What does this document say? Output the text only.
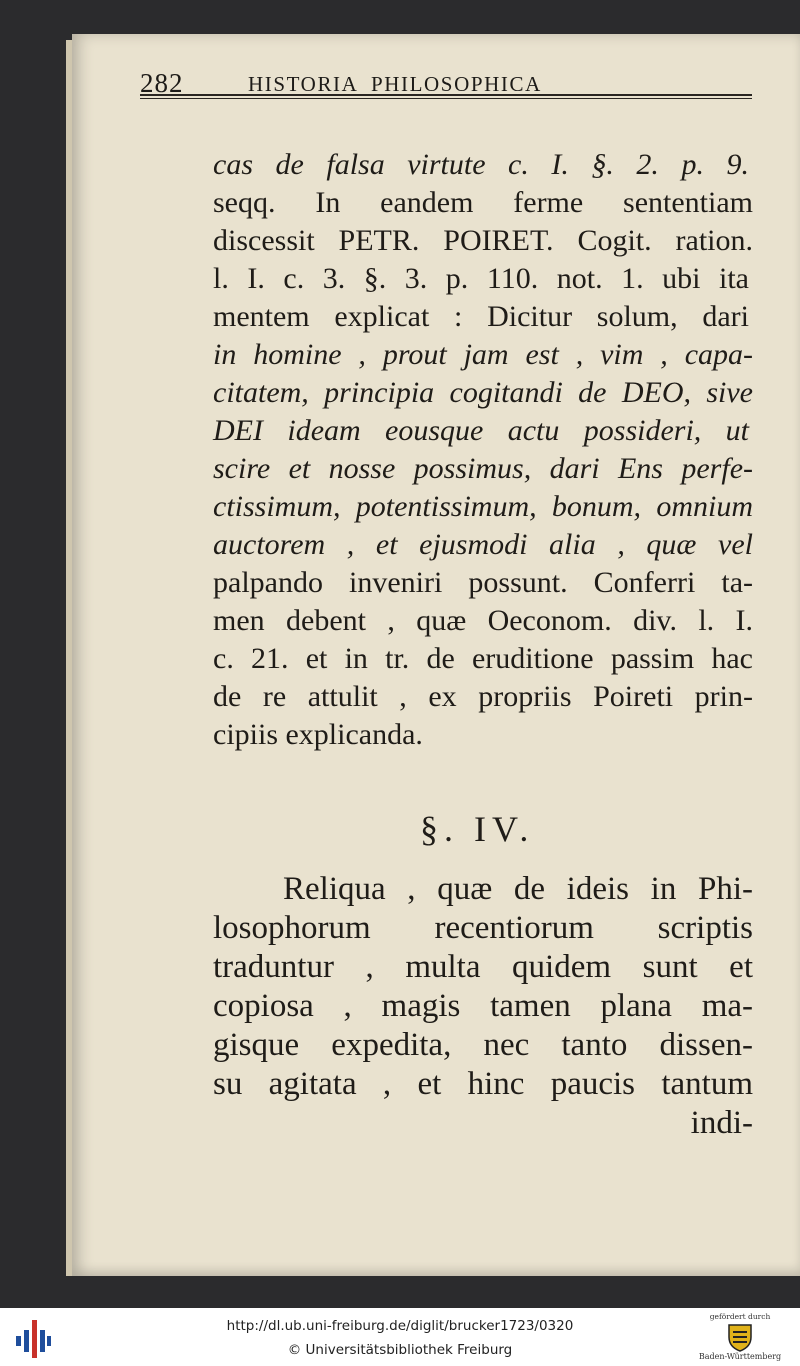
282	HISTORIA  PHILOSOPHICA
cas de falsa virtute c. I. §. 2. p. 9.
seqq. In eandem ferme sententiam
discessit PETR. POIRET. Cogit. ration.
l. I. c. 3. §. 3. p. 110. not. 1. ubi ita
mentem explicat : Dicitur solum, dari
in homine , prout jam est , vim , capa-
citatem, principia cogitandi de DEO, sive
DEI ideam eousque actu possideri, ut
scire et nosse possimus, dari Ens perfe-
ctissimum, potentissimum, bonum, omnium
auctorem , et ejusmodi alia , quæ vel
palpando inveniri possunt. Conferri ta-
men debent , quæ Oeconom. div. l. I.
c. 21. et in tr. de eruditione passim hac
de re attulit , ex propriis Poireti prin-
cipiis explicanda.
§. IV.
Reliqua , quæ de ideis in Phi-
losophorum recentiorum scriptis
traduntur , multa quidem sunt et
copiosa , magis tamen plana ma-
gisque expedita, nec tanto dissen-
su agitata , et hinc paucis tantum
indi-
http://dl.ub.uni-freiburg.de/diglit/brucker1723/0320
© Universitätsbibliothek Freiburg
gefördert durch
Baden-Württemberg
